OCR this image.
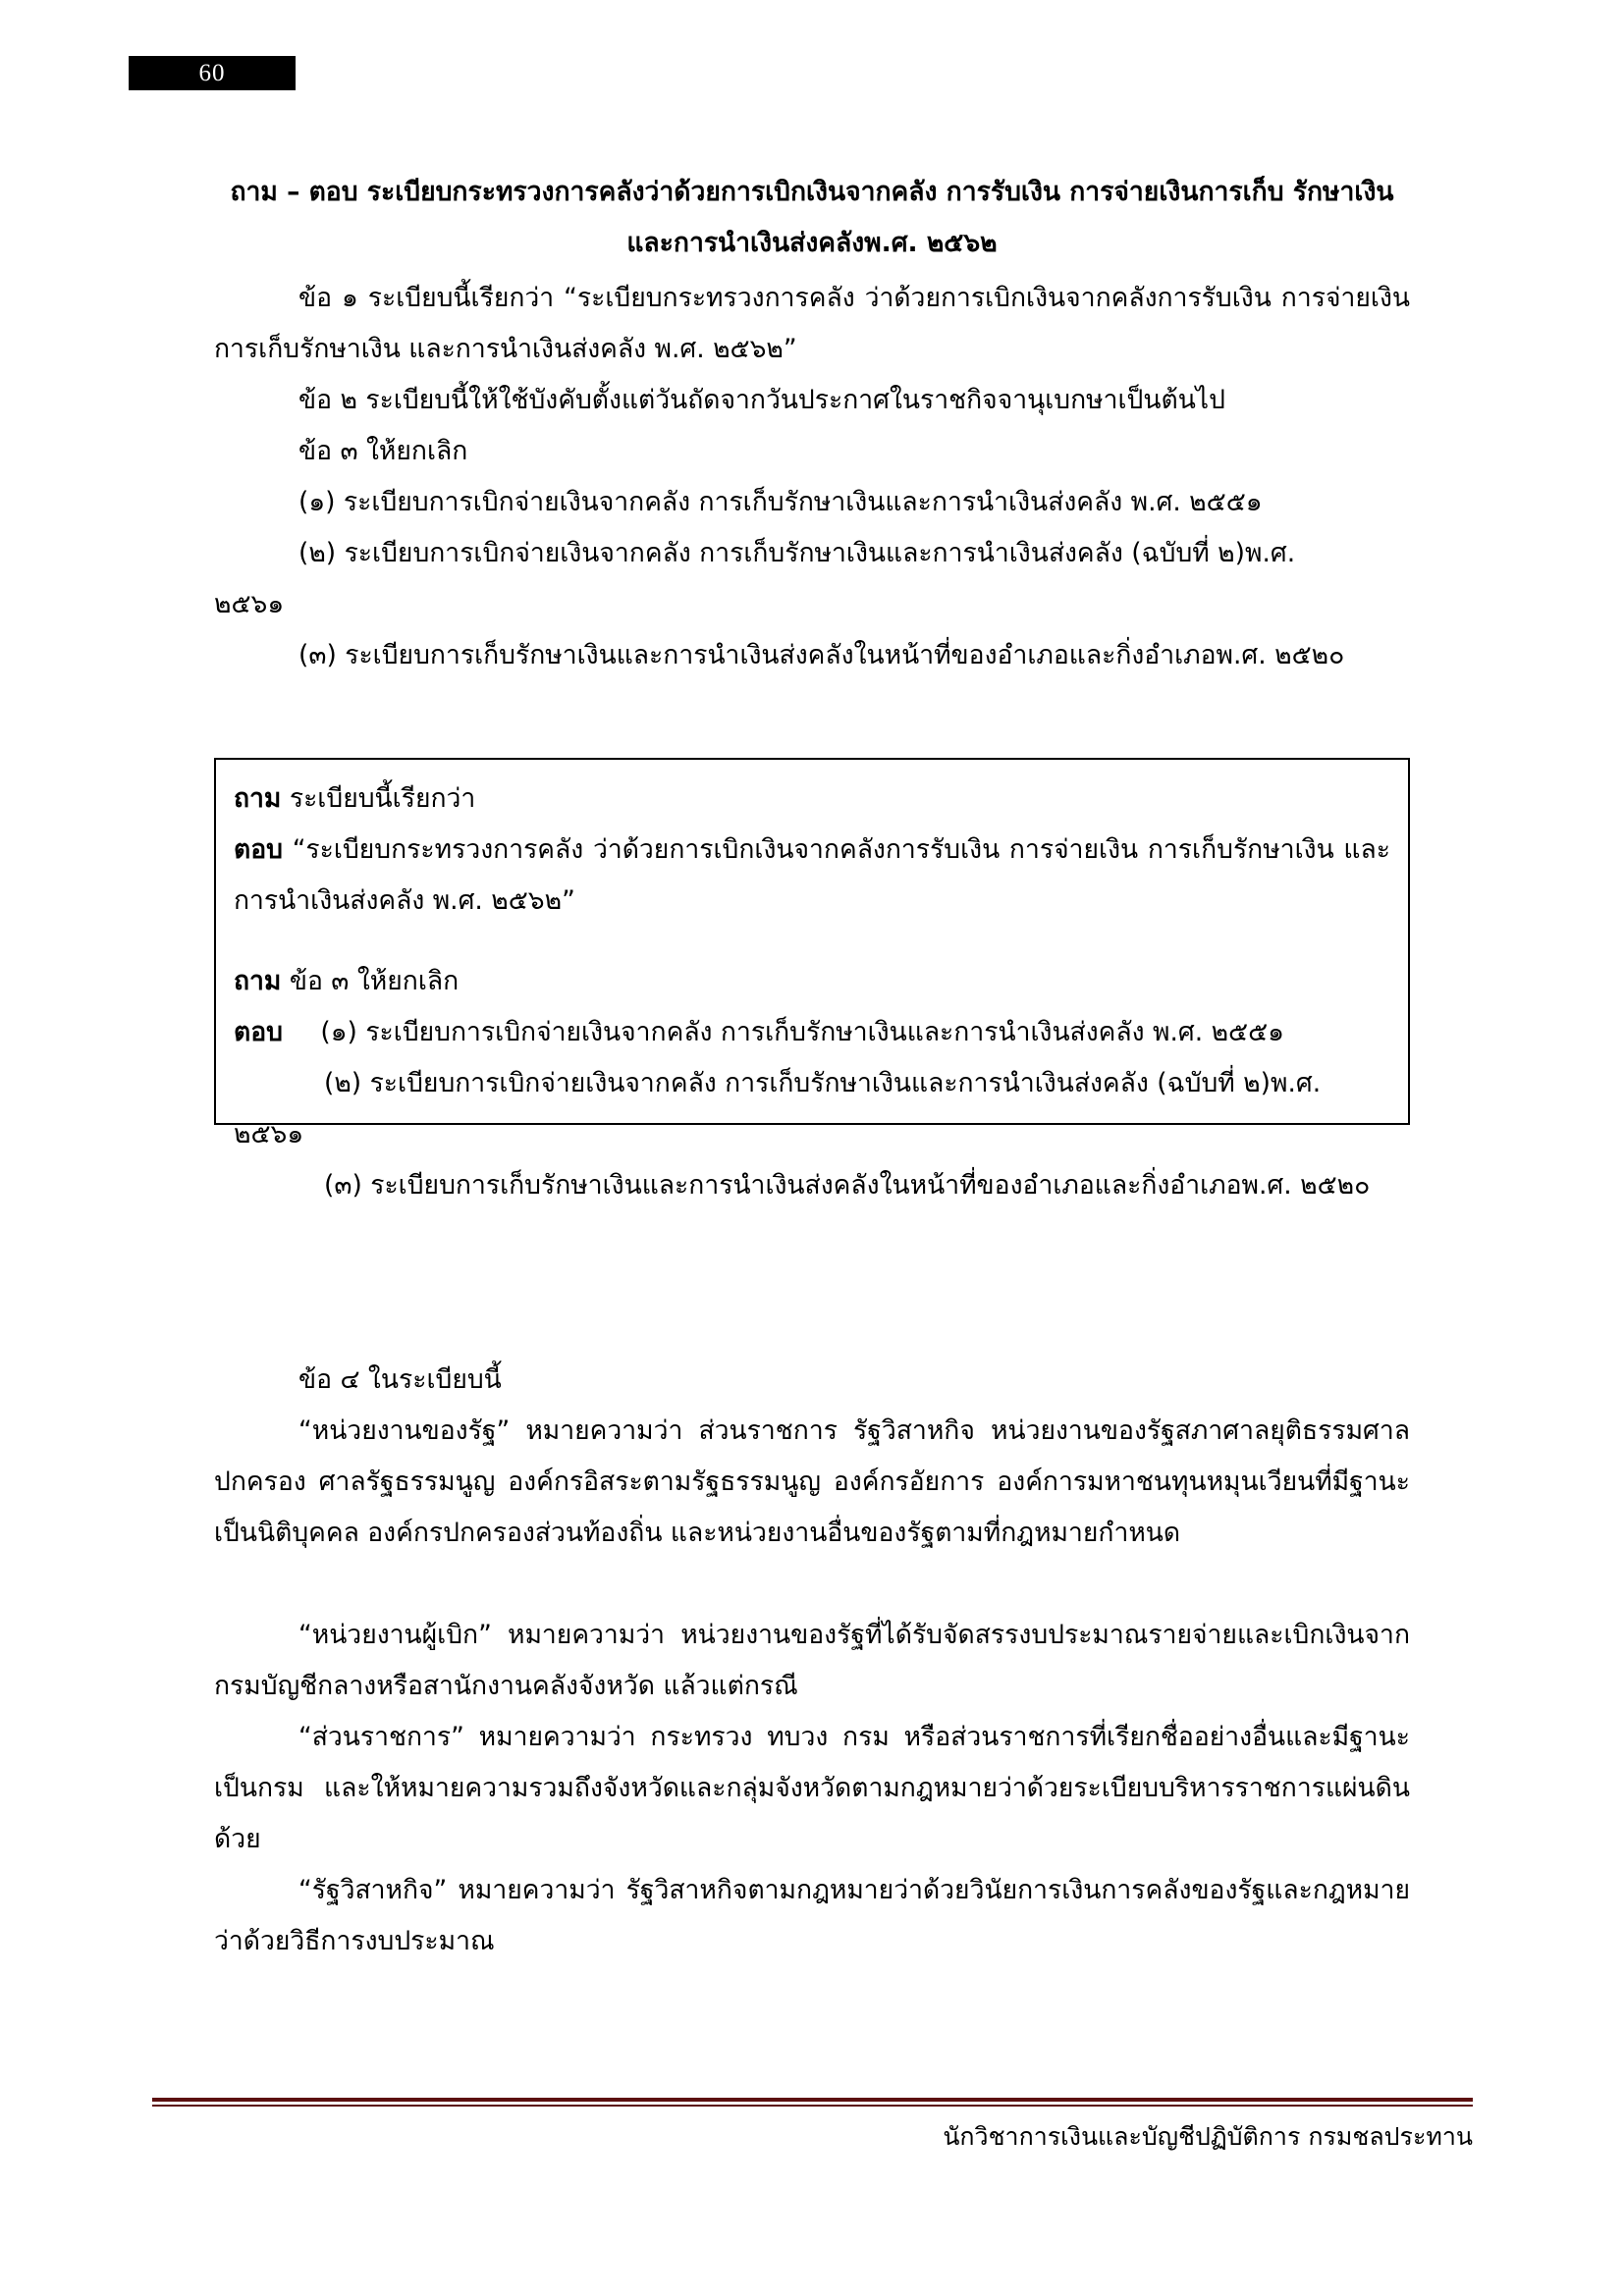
60
ถาม – ตอบ ระเบียบกระทรวงการคลังว่าด้วยการเบิกเงินจากคลัง การรับเงิน การจ่ายเงินการเก็บ รักษาเงิน และการนำเงินส่งคลังพ.ศ. ๒๕๖๒

ข้อ ๑ ระเบียบนี้เรียกว่า “ระเบียบกระทรวงการคลัง ว่าด้วยการเบิกเงินจากคลังการรับเงิน การจ่ายเงิน การเก็บรักษาเงิน และการนำเงินส่งคลัง พ.ศ. ๒๕๖๒”

ข้อ ๒ ระเบียบนี้ให้ใช้บังคับตั้งแต่วันถัดจากวันประกาศในราชกิจจานุเบกษาเป็นต้นไป

ข้อ ๓ ให้ยกเลิก

(๑) ระเบียบการเบิกจ่ายเงินจากคลัง การเก็บรักษาเงินและการนำเงินส่งคลัง พ.ศ. ๒๕๕๑

(๒) ระเบียบการเบิกจ่ายเงินจากคลัง การเก็บรักษาเงินและการนำเงินส่งคลัง (ฉบับที่ ๒)พ.ศ.

๒๕๖๑

(๓) ระเบียบการเก็บรักษาเงินและการนำเงินส่งคลังในหน้าที่ของอำเภอและกิ่งอำเภอพ.ศ. ๒๕๒๐

ถาม ระเบียบนี้เรียกว่า

ตอบ “ระเบียบกระทรวงการคลัง ว่าด้วยการเบิกเงินจากคลังการรับเงิน การจ่ายเงิน การเก็บรักษาเงิน และการนำเงินส่งคลัง พ.ศ. ๒๕๖๒”

ถาม ข้อ ๓ ให้ยกเลิก

ตอบ (๑) ระเบียบการเบิกจ่ายเงินจากคลัง การเก็บรักษาเงินและการนำเงินส่งคลัง พ.ศ. ๒๕๕๑
(๒) ระเบียบการเบิกจ่ายเงินจากคลัง การเก็บรักษาเงินและการนำเงินส่งคลัง (ฉบับที่ ๒)พ.ศ.
๒๕๖๑
(๓) ระเบียบการเก็บรักษาเงินและการนำเงินส่งคลังในหน้าที่ของอำเภอและกิ่งอำเภอพ.ศ. ๒๕๒๐

ข้อ ๔ ในระเบียบนี้

“หน่วยงานของรัฐ” หมายความว่า ส่วนราชการ รัฐวิสาหกิจ หน่วยงานของรัฐสภาศาลยุติธรรมศาลปกครอง ศาลรัฐธรรมนูญ องค์กรอิสระตามรัฐธรรมนูญ องค์กรอัยการ องค์การมหาชนทุนหมุนเวียนที่มีฐานะเป็นนิติบุคคล องค์กรปกครองส่วนท้องถิ่น และหน่วยงานอื่นของรัฐตามที่กฎหมายกำหนด

“หน่วยงานผู้เบิก” หมายความว่า หน่วยงานของรัฐที่ได้รับจัดสรรงบประมาณรายจ่ายและเบิกเงินจากกรมบัญชีกลางหรือสานักงานคลังจังหวัด แล้วแต่กรณี

“ส่วนราชการ” หมายความว่า กระทรวง ทบวง กรม หรือส่วนราชการที่เรียกชื่ออย่างอื่นและมีฐานะเป็นกรม และให้หมายความรวมถึงจังหวัดและกลุ่มจังหวัดตามกฎหมายว่าด้วยระเบียบบริหารราชการแผ่นดินด้วย

“รัฐวิสาหกิจ” หมายความว่า รัฐวิสาหกิจตามกฎหมายว่าด้วยวินัยการเงินการคลังของรัฐและกฎหมายว่าด้วยวิธีการงบประมาณ

นักวิชาการเงินและบัญชีปฏิบัติการ กรมชลประทาน
